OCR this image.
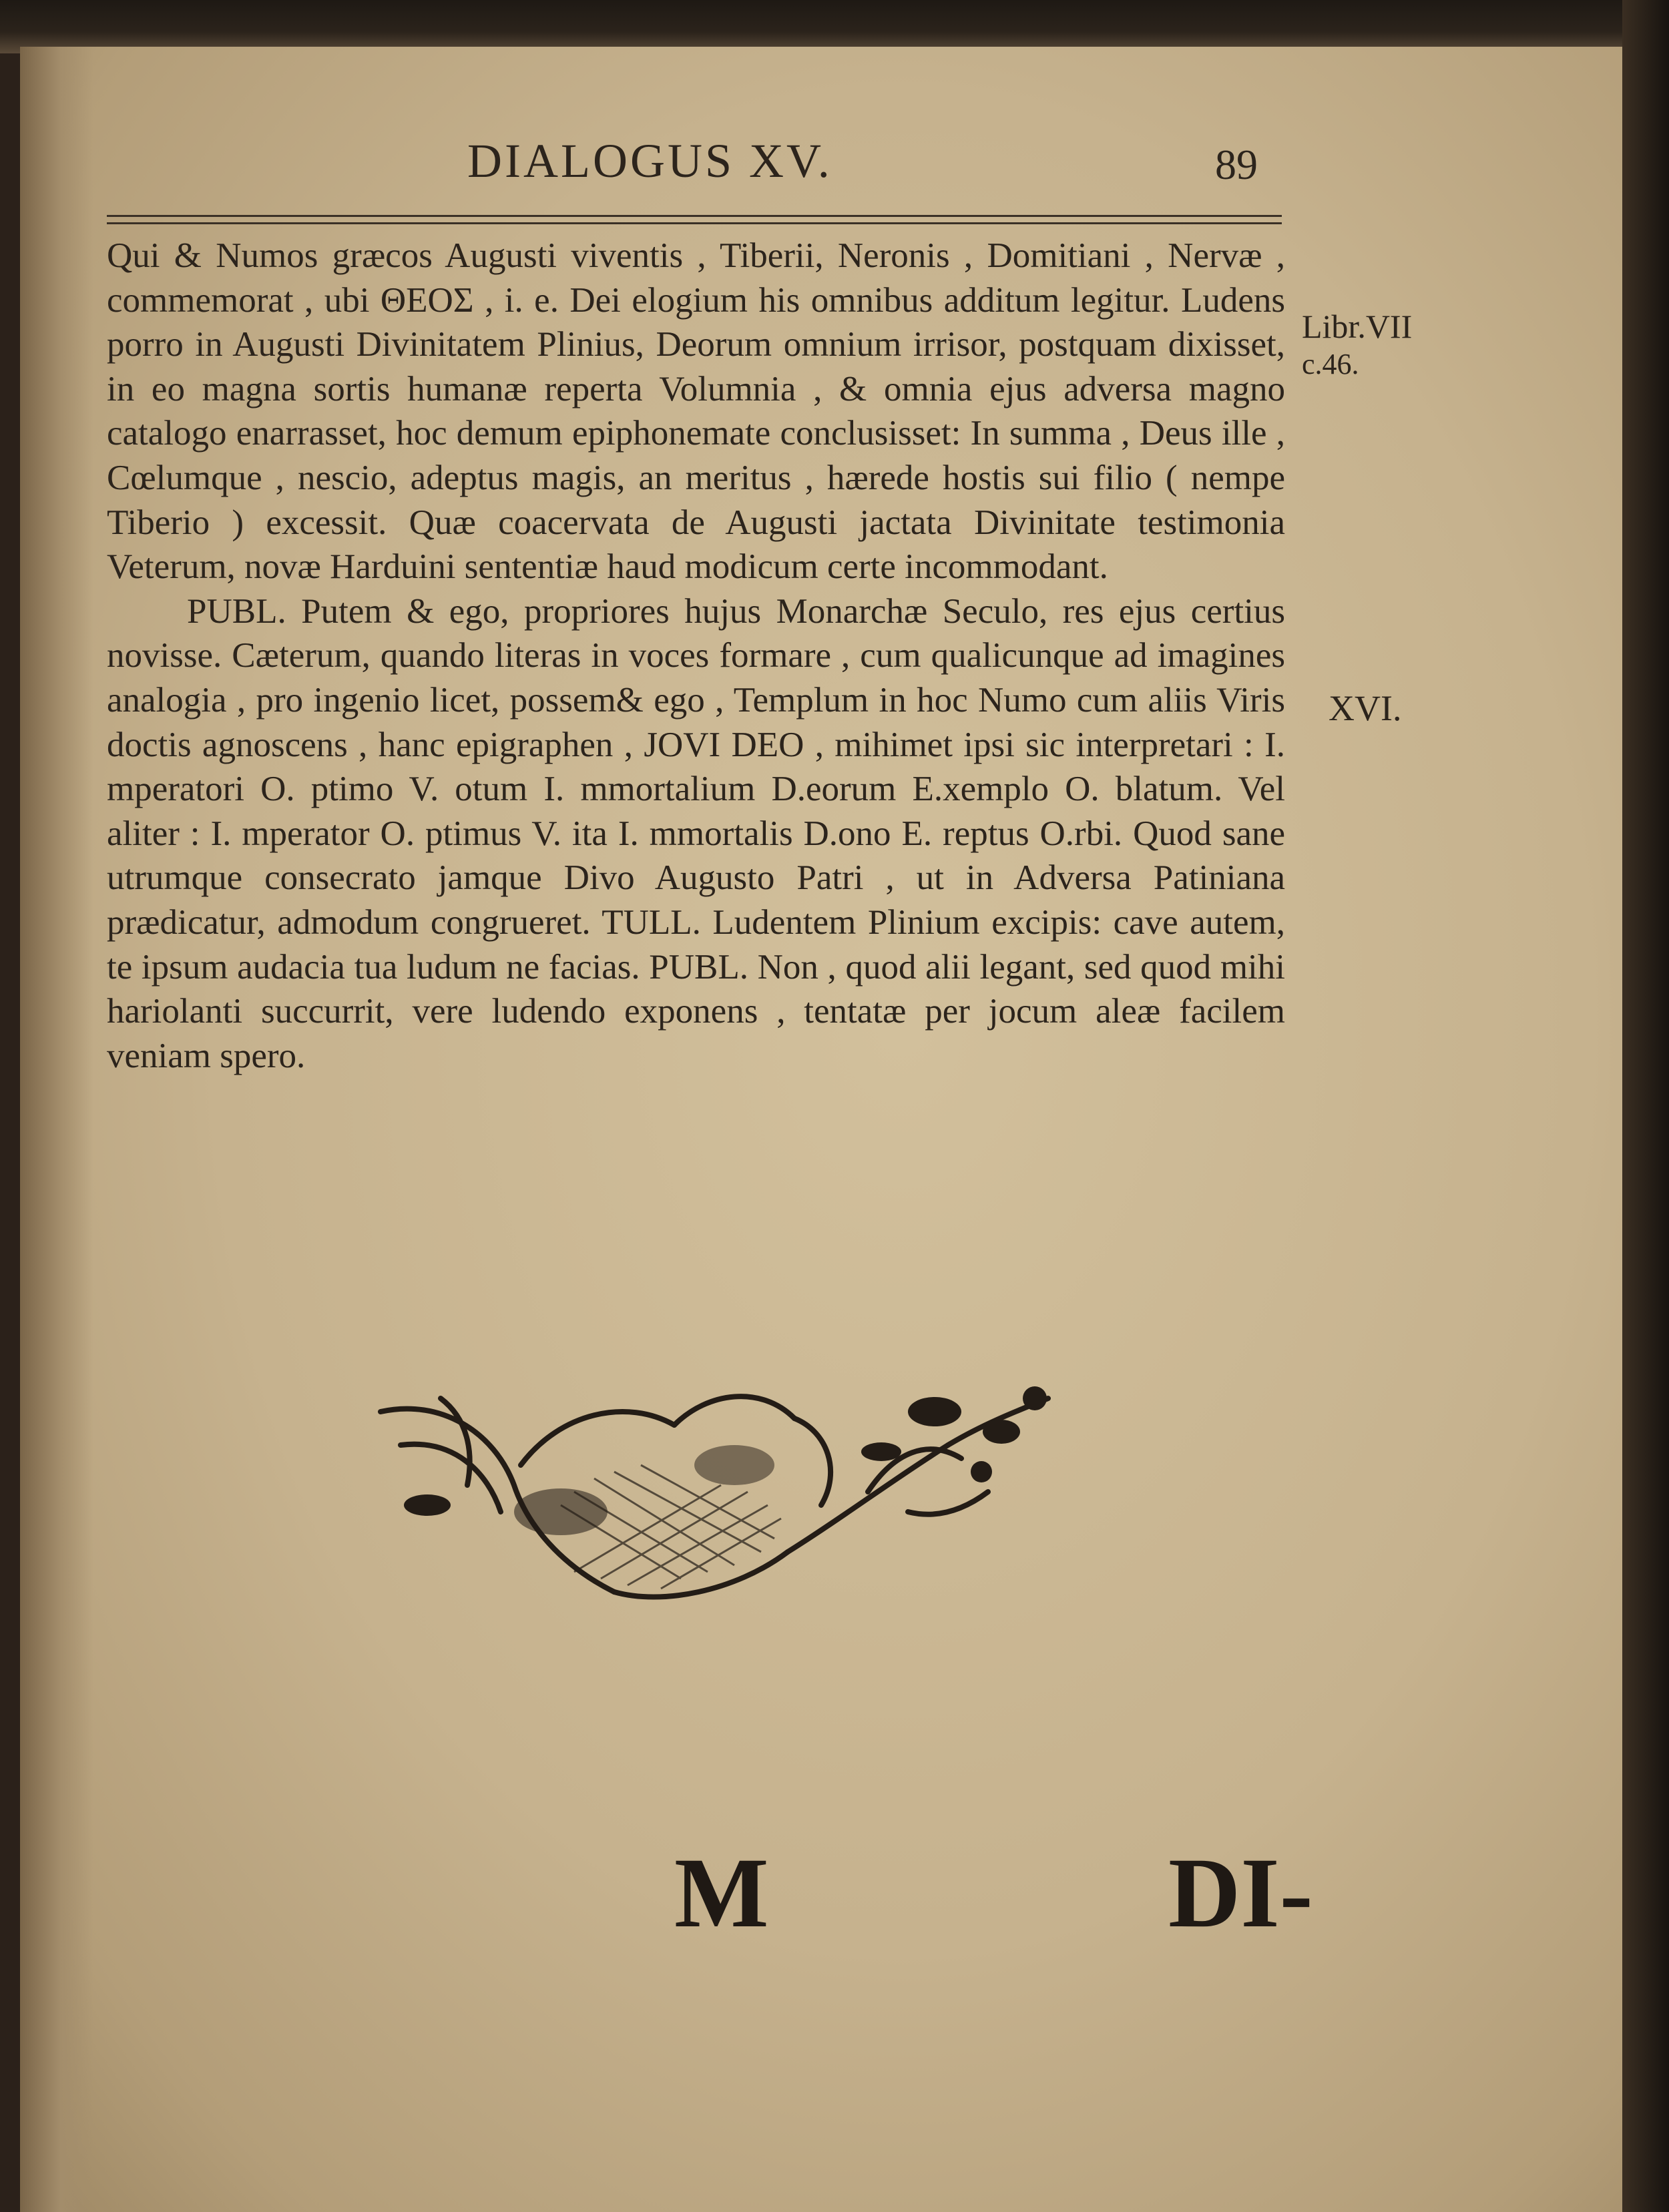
DIALOGUS XV.	89

Qui & Numos græcos Augusti viventis , Tiberii, Neronis , Domitiani , Nervæ , commemorat , ubi ΘΕΟΣ , i. e. Dei elogium his omnibus additum legitur. Ludens porro in Augusti Divinitatem Plinius, Deorum omnium irrisor, postquam dixisset, in eo magna sortis humanæ reperta Volumnia , & omnia ejus adversa magno catalogo enarrasset, hoc demum epiphonemate conclusisset: In summa , Deus ille , Cœlumque , nescio, adeptus magis, an meritus , hærede hostis sui filio ( nempe Tiberio ) excessit. Quæ coacervata de Augusti jactata Divinitate testimonia Veterum, novæ Harduini sententiæ haud modicum certe incommodant.

PUBL. Putem & ego, propriores hujus Monarchæ Seculo, res ejus certius novisse. Cæterum, quando literas in voces formare , cum qualicunque ad imagines analogia , pro ingenio licet, possem& ego , Templum in hoc Numo cum aliis Viris doctis agnoscens , hanc epigraphen , JOVI DEO , mihimet ipsi sic interpretari : I. mperatori O. ptimo V. otum I. mmortalium D.eorum E.xemplo O. blatum. Vel aliter : I. mperator O. ptimus V. ita I. mmortalis D.ono E. reptus O.rbi. Quod sane utrumque consecrato jamque Divo Augusto Patri , ut in Adversa Patiniana prædicatur, admodum congrueret. TULL. Ludentem Plinium excipis: cave autem, te ipsum audacia tua ludum ne facias. PUBL. Non , quod alii legant, sed quod mihi hariolanti succurrit, vere ludendo exponens , tentatæ per jocum aleæ facilem veniam spero.

Libr.VII
c.46.
XVI.
M	DI-
